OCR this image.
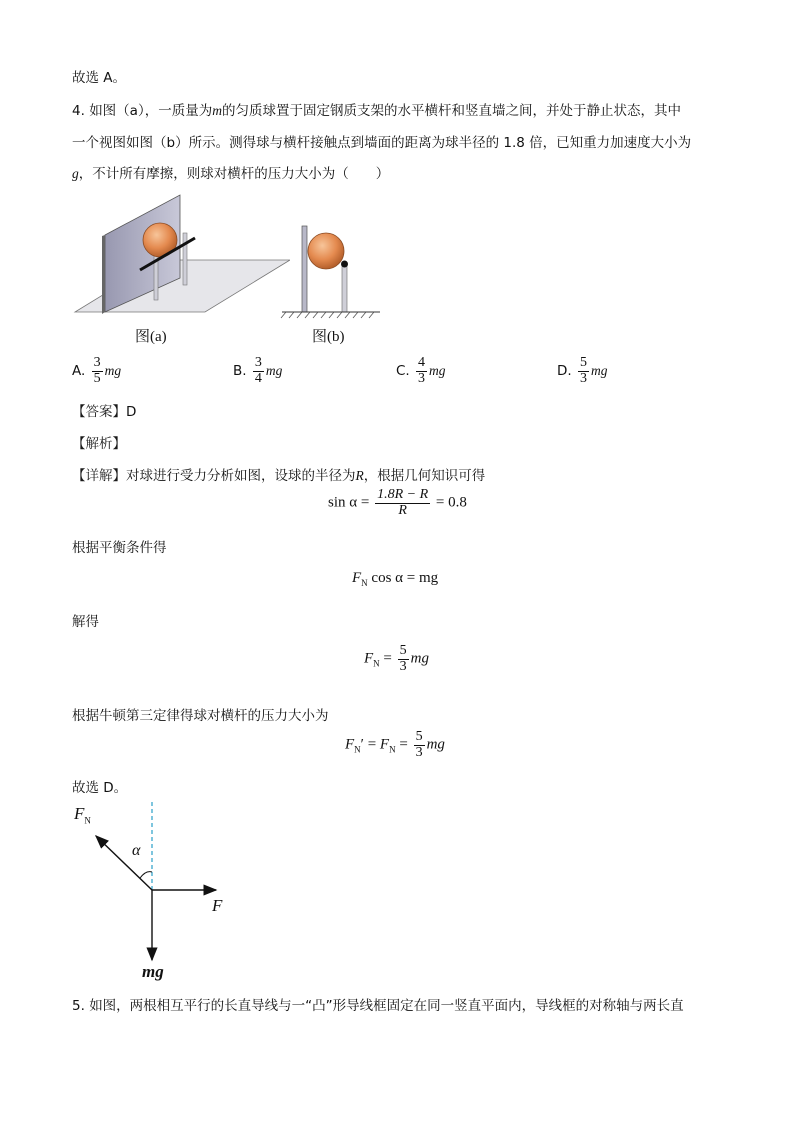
故选 A。
4. 如图（a），一质量为m的匀质球置于固定钢质支架的水平横杆和竖直墙之间，并处于静止状态，其中
一个视图如图（b）所示。测得球与横杆接触点到墙面的距离为球半径的 1.8 倍，已知重力加速度大小为
g，不计所有摩擦，则球对横杆的压力大小为（　　）
图(a)	图(b)
A. $\frac{3}{5}$ mg	B. $\frac{3}{4}$ mg	C. $\frac{4}{3}$ mg	D. $\frac{5}{3}$ mg
【答案】D
【解析】
【详解】对球进行受力分析如图，设球的半径为R，根据几何知识可得
$\sin \alpha = \frac{1.8R - R}{R} = 0.8$
根据平衡条件得
$F_N$ cos α = mg
解得
$F_N = \frac{5}{3}$ mg
根据牛顿第三定律得球对横杆的压力大小为
$F_N' = F_N = \frac{5}{3}$ mg
故选 D。
$F_N$
α
F
mg
5. 如图，两根相互平行的长直导线与一“凸”形导线框固定在同一竖直平面内，导线框的对称轴与两长直
